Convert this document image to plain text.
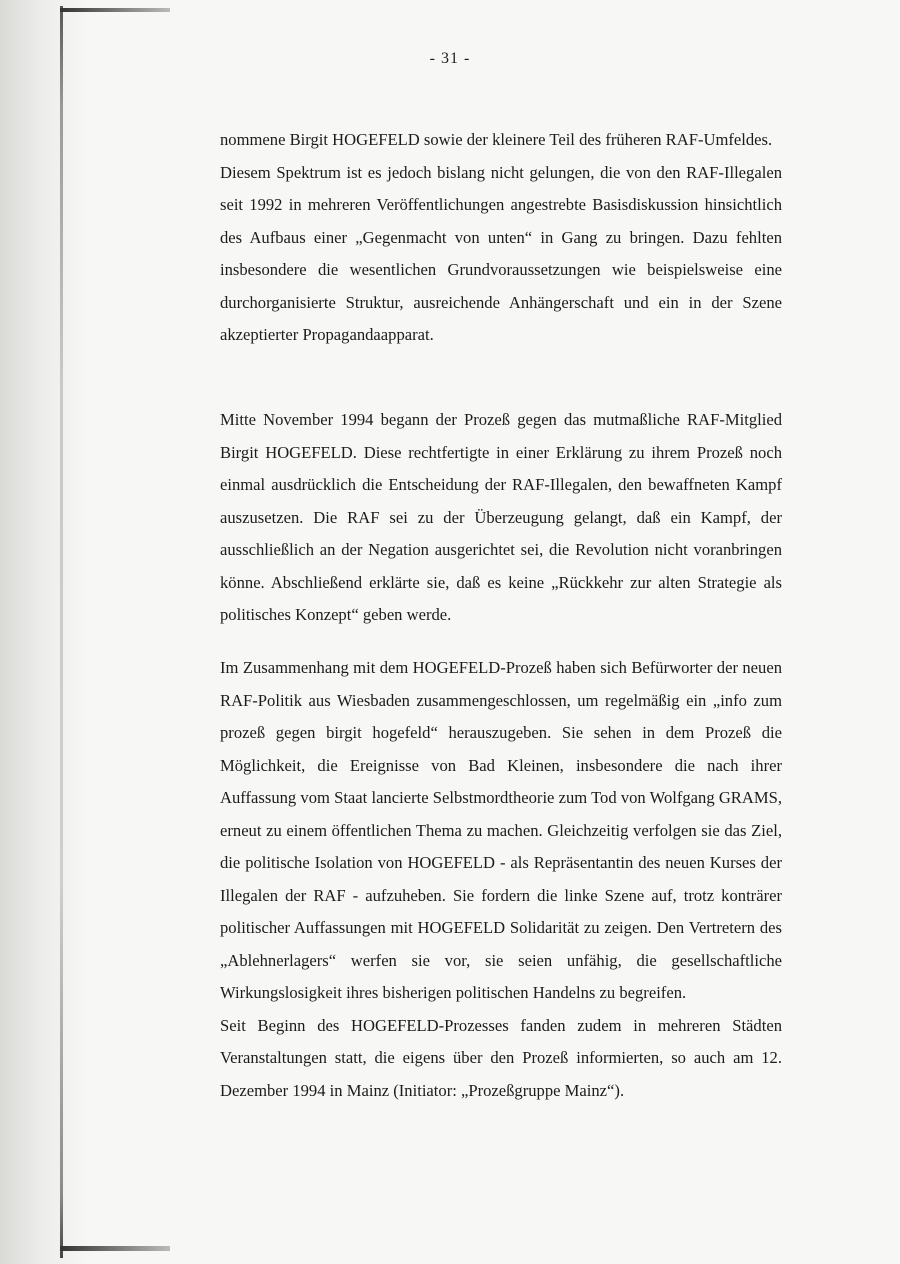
- 31 -

nommene Birgit HOGEFELD sowie der kleinere Teil des früheren RAF-Umfeldes.

Diesem Spektrum ist es jedoch bislang nicht gelungen, die von den RAF-Illegalen seit 1992 in mehreren Veröffentlichungen angestrebte Basisdiskussion hinsichtlich des Aufbaus einer „Gegenmacht von unten“ in Gang zu bringen. Dazu fehlten insbesondere die wesentlichen Grundvoraussetzungen wie beispielsweise eine durchorganisierte Struktur, ausreichende Anhängerschaft und ein in der Szene akzeptierter Propagandaapparat.

Mitte November 1994 begann der Prozeß gegen das mutmaßliche RAF-Mitglied Birgit HOGEFELD. Diese rechtfertigte in einer Erklärung zu ihrem Prozeß noch einmal ausdrücklich die Entscheidung der RAF-Illegalen, den bewaffneten Kampf auszusetzen. Die RAF sei zu der Überzeugung gelangt, daß ein Kampf, der ausschließlich an der Negation ausgerichtet sei, die Revolution nicht voranbringen könne. Abschließend erklärte sie, daß es keine „Rückkehr zur alten Strategie als politisches Konzept“ geben werde.

Im Zusammenhang mit dem HOGEFELD-Prozeß haben sich Befürworter der neuen RAF-Politik aus Wiesbaden zusammengeschlossen, um regelmäßig ein „info zum prozeß gegen birgit hogefeld“ herauszugeben. Sie sehen in dem Prozeß die Möglichkeit, die Ereignisse von Bad Kleinen, insbesondere die nach ihrer Auffassung vom Staat lancierte Selbstmordtheorie zum Tod von Wolfgang GRAMS, erneut zu einem öffentlichen Thema zu machen. Gleichzeitig verfolgen sie das Ziel, die politische Isolation von HOGEFELD - als Repräsentantin des neuen Kurses der Illegalen der RAF - aufzuheben. Sie fordern die linke Szene auf, trotz konträrer politischer Auffassungen mit HOGEFELD Solidarität zu zeigen. Den Vertretern des „Ablehnerlagers“ werfen sie vor, sie seien unfähig, die gesellschaftliche Wirkungslosigkeit ihres bisherigen politischen Handelns zu begreifen.

Seit Beginn des HOGEFELD-Prozesses fanden zudem in mehreren Städten Veranstaltungen statt, die eigens über den Prozeß informierten, so auch am 12. Dezember 1994 in Mainz (Initiator: „Prozeßgruppe Mainz“).
